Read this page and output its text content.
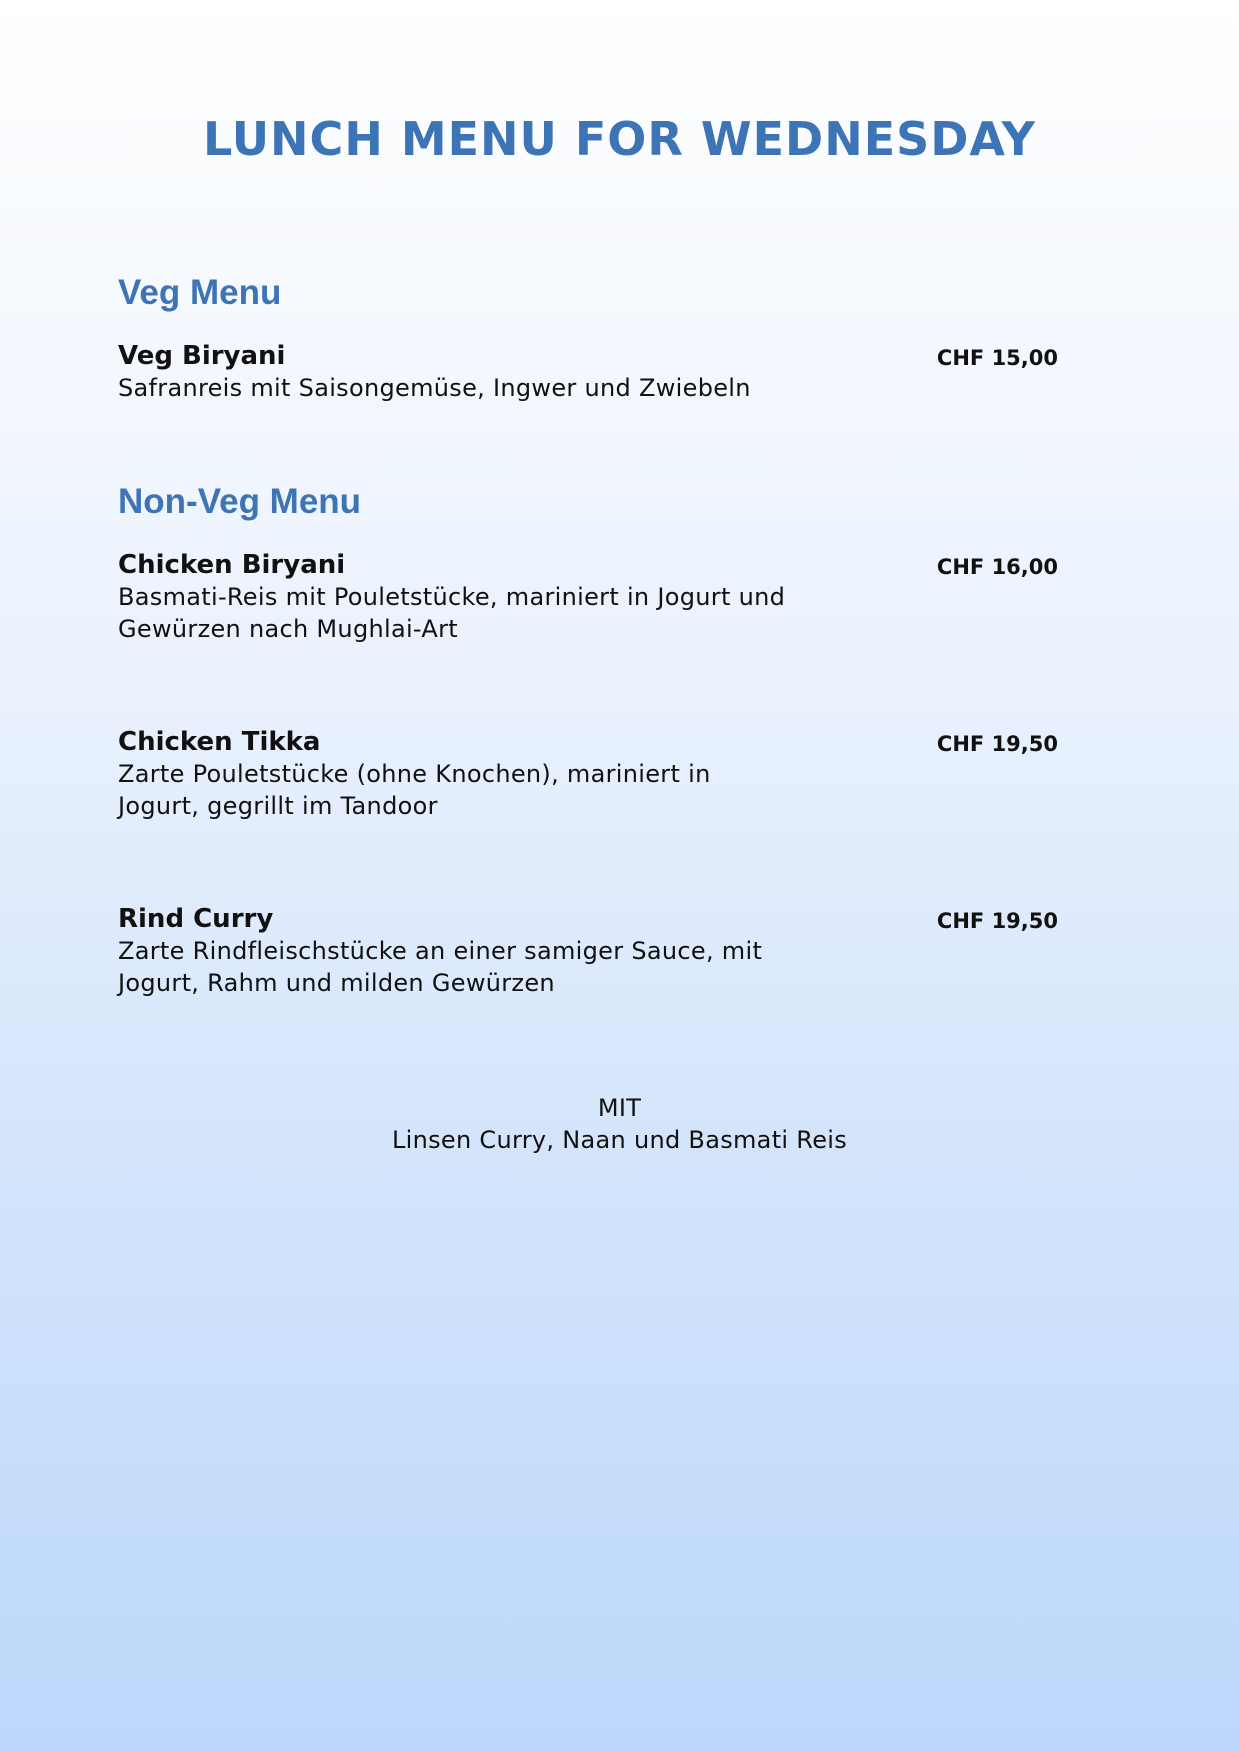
LUNCH MENU FOR WEDNESDAY
Veg Menu

Veg Biryani

Safranreis mit Saisongemüse, Ingwer und Zwiebeln

CHF 15,00
Non-Veg Menu

Chicken Biryani

Basmati-Reis mit Pouletstücke, mariniert in Jogurt und Gewürzen nach Mughlai-Art

CHF 16,00

Chicken Tikka

Zarte Pouletstücke (ohne Knochen), mariniert in Jogurt, gegrillt im Tandoor

CHF 19,50

Rind Curry

Zarte Rindfleischstücke an einer samiger Sauce, mit Jogurt, Rahm und milden Gewürzen

CHF 19,50
MIT
Linsen Curry, Naan und Basmati Reis
